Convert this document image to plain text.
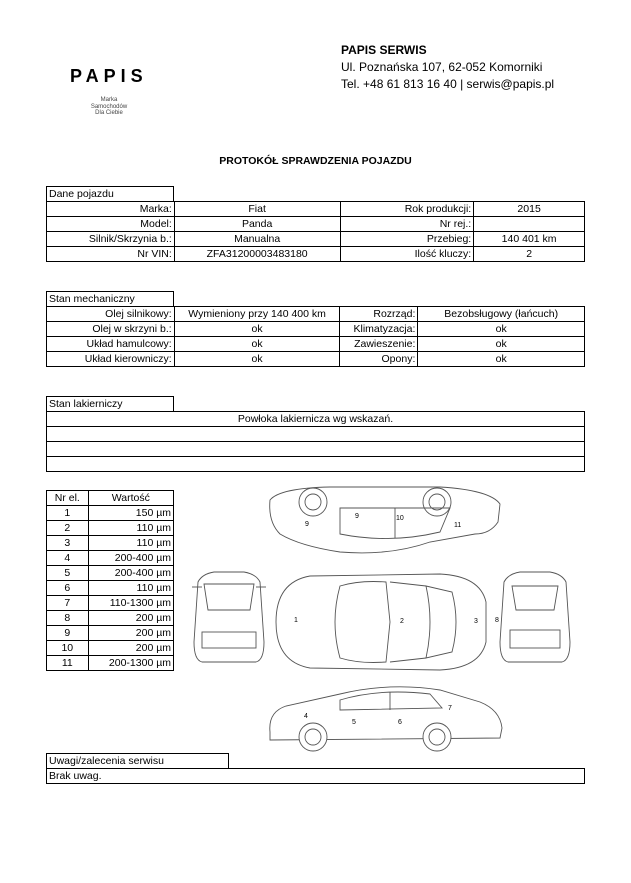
PAPIS
Marka
Samochodów
Dla Ciebie
PAPIS SERWIS
Ul. Poznańska 107, 62-052 Komorniki
Tel. +48 61 813 16 40 | serwis@papis.pl
PROTOKÓŁ SPRAWDZENIA POJAZDU
Dane pojazdu
Marka:	Fiat	Rok produkcji:	2015
Model:	Panda	Nr rej.:	
Silnik/Skrzynia b.:	Manualna	Przebieg:	140 401 km
Nr VIN:	ZFA31200003483180	Ilość kluczy:	2
Stan mechaniczny
Olej silnikowy:	Wymieniony przy 140 400 km	Rozrząd:	Bezobsługowy (łańcuch)
Olej w skrzyni b.:	ok	Klimatyzacja:	ok
Układ hamulcowy:	ok	Zawieszenie:	ok
Układ kierowniczy:	ok	Opony:	ok
Stan lakierniczy
Powłoka lakiernicza wg wskazań.

Nr el.	Wartość
1	150 µm
2	110 µm
3	110 µm
4	200-400 µm
5	200-400 µm
6	110 µm
7	110-1300 µm
8	200 µm
9	200 µm
10	200 µm
11	200-1300 µm
9
9	10
11
1	2	3
4
5	6
7
8
Uwagi/zalecenia serwisu
Brak uwag.
